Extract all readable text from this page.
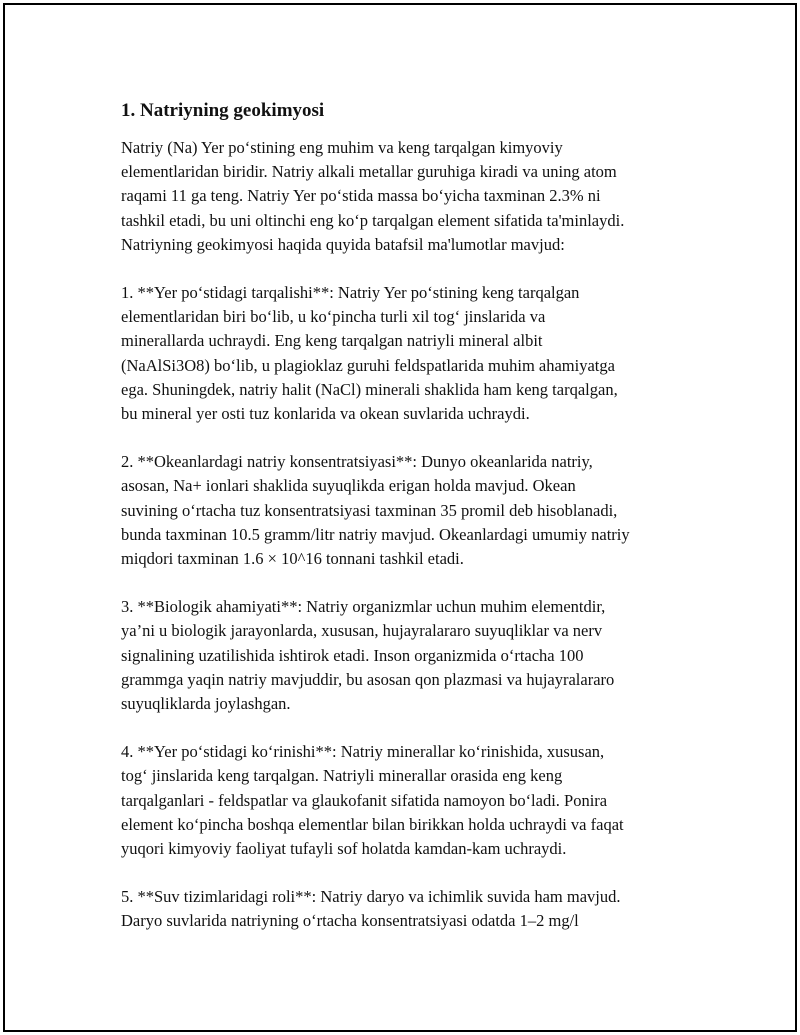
1. Natriyning geokimyosi

Natriy (Na) Yer po‘stining eng muhim va keng tarqalgan kimyoviy
elementlaridan biridir. Natriy alkali metallar guruhiga kiradi va uning atom
raqami 11 ga teng. Natriy Yer po‘stida massa bo‘yicha taxminan 2.3% ni
tashkil etadi, bu uni oltinchi eng ko‘p tarqalgan element sifatida ta'minlaydi.
Natriyning geokimyosi haqida quyida batafsil ma'lumotlar mavjud:

1. **Yer po‘stidagi tarqalishi**: Natriy Yer po‘stining keng tarqalgan
elementlaridan biri bo‘lib, u ko‘pincha turli xil tog‘ jinslarida va
minerallarda uchraydi. Eng keng tarqalgan natriyli mineral albit
(NaAlSi3O8) bo‘lib, u plagioklaz guruhi feldspatlarida muhim ahamiyatga
ega. Shuningdek, natriy halit (NaCl) minerali shaklida ham keng tarqalgan,
bu mineral yer osti tuz konlarida va okean suvlarida uchraydi.

2. **Okeanlardagi natriy konsentratsiyasi**: Dunyo okeanlarida natriy,
asosan, Na+ ionlari shaklida suyuqlikda erigan holda mavjud. Okean
suvining o‘rtacha tuz konsentratsiyasi taxminan 35 promil deb hisoblanadi,
bunda taxminan 10.5 gramm/litr natriy mavjud. Okeanlardagi umumiy natriy
miqdori taxminan 1.6 × 10^16 tonnani tashkil etadi.

3. **Biologik ahamiyati**: Natriy organizmlar uchun muhim elementdir,
ya’ni u biologik jarayonlarda, xususan, hujayralararo suyuqliklar va nerv
signalining uzatilishida ishtirok etadi. Inson organizmida o‘rtacha 100
grammga yaqin natriy mavjuddir, bu asosan qon plazmasi va hujayralararo
suyuqliklarda joylashgan.

4. **Yer po‘stidagi ko‘rinishi**: Natriy minerallar ko‘rinishida, xususan,
tog‘ jinslarida keng tarqalgan. Natriyli minerallar orasida eng keng
tarqalganlari - feldspatlar va glaukofanit sifatida namoyon bo‘ladi. Ponira
element ko‘pincha boshqa elementlar bilan birikkan holda uchraydi va faqat
yuqori kimyoviy faoliyat tufayli sof holatda kamdan-kam uchraydi.

5. **Suv tizimlaridagi roli**: Natriy daryo va ichimlik suvida ham mavjud.
Daryo suvlarida natriyning o‘rtacha konsentratsiyasi odatda 1–2 mg/l
